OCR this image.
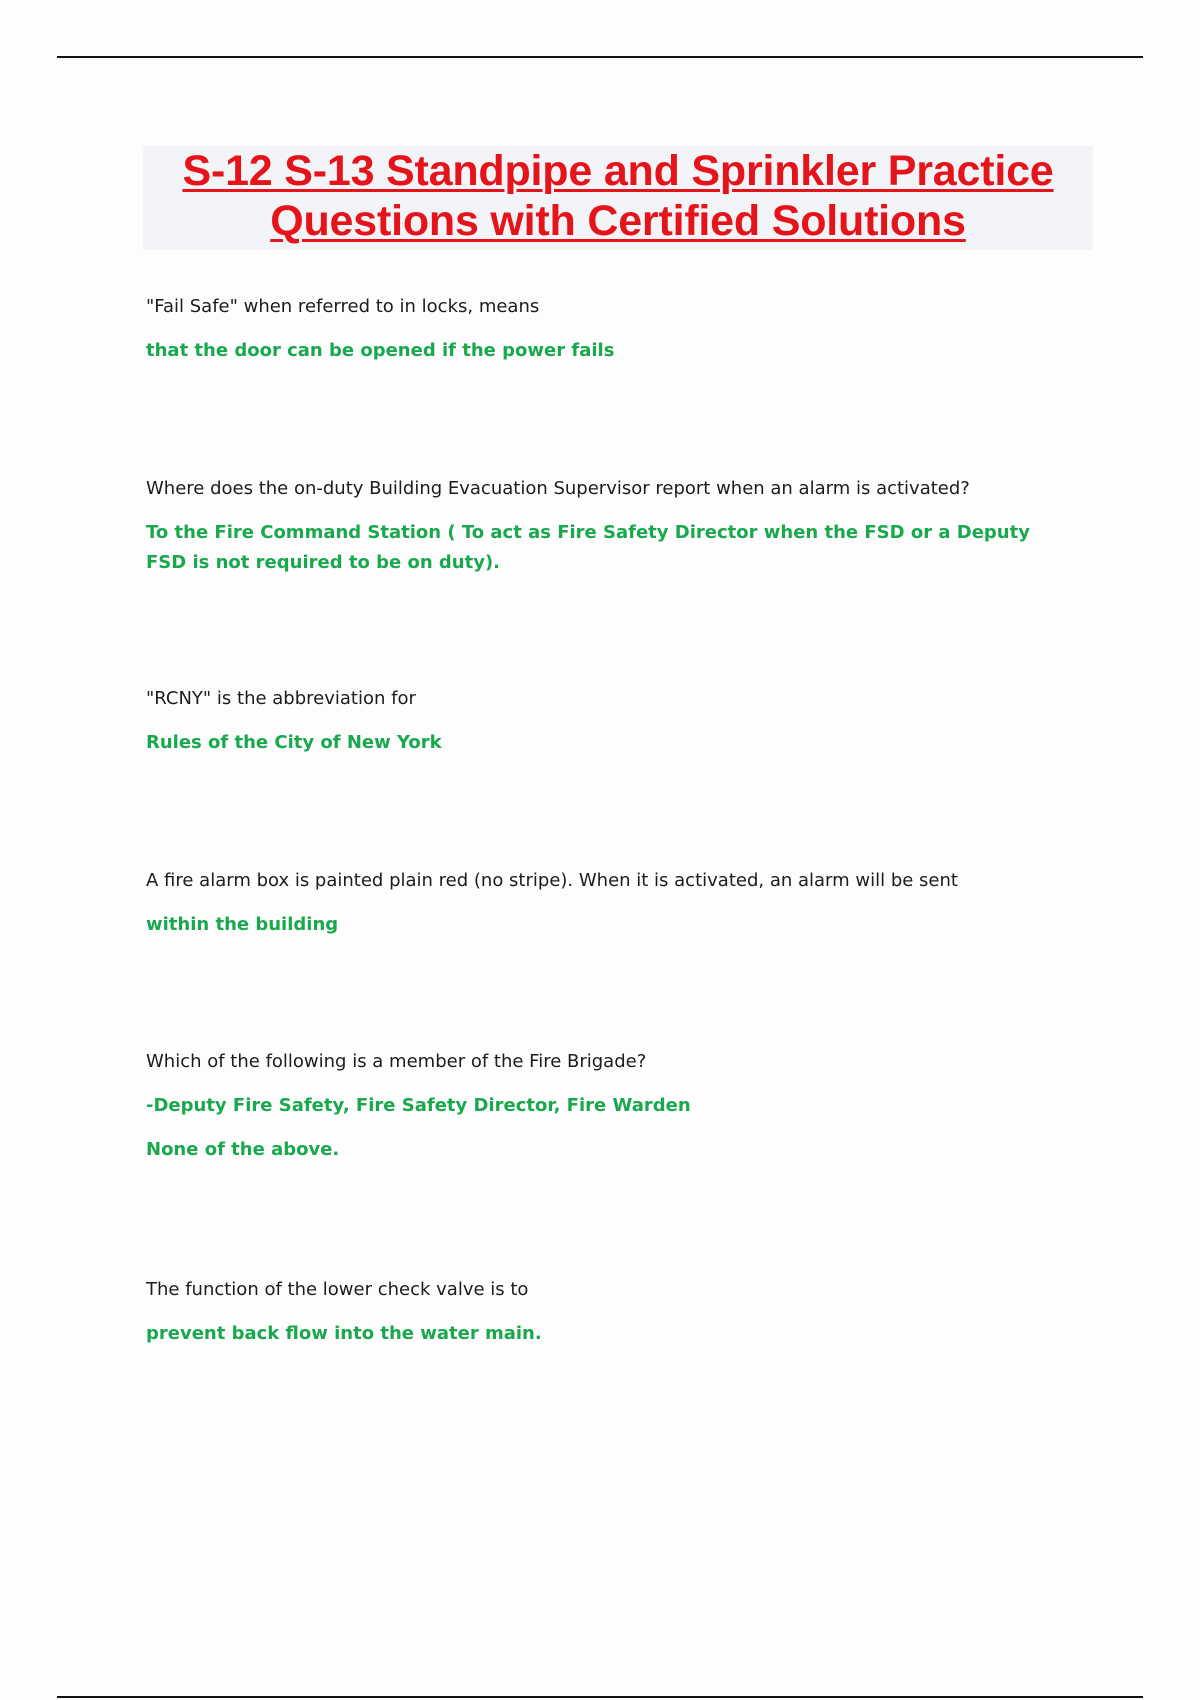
S-12 S-13 Standpipe and Sprinkler Practice
Questions with Certified Solutions

"Fail Safe" when referred to in locks, means

that the door can be opened if the power fails

Where does the on-duty Building Evacuation Supervisor report when an alarm is activated?

To the Fire Command Station ( To act as Fire Safety Director when the FSD or a Deputy FSD is not required to be on duty).

"RCNY" is the abbreviation for

Rules of the City of New York

A fire alarm box is painted plain red (no stripe). When it is activated, an alarm will be sent

within the building

Which of the following is a member of the Fire Brigade?

-Deputy Fire Safety, Fire Safety Director, Fire Warden

None of the above.

The function of the lower check valve is to

prevent back flow into the water main.
